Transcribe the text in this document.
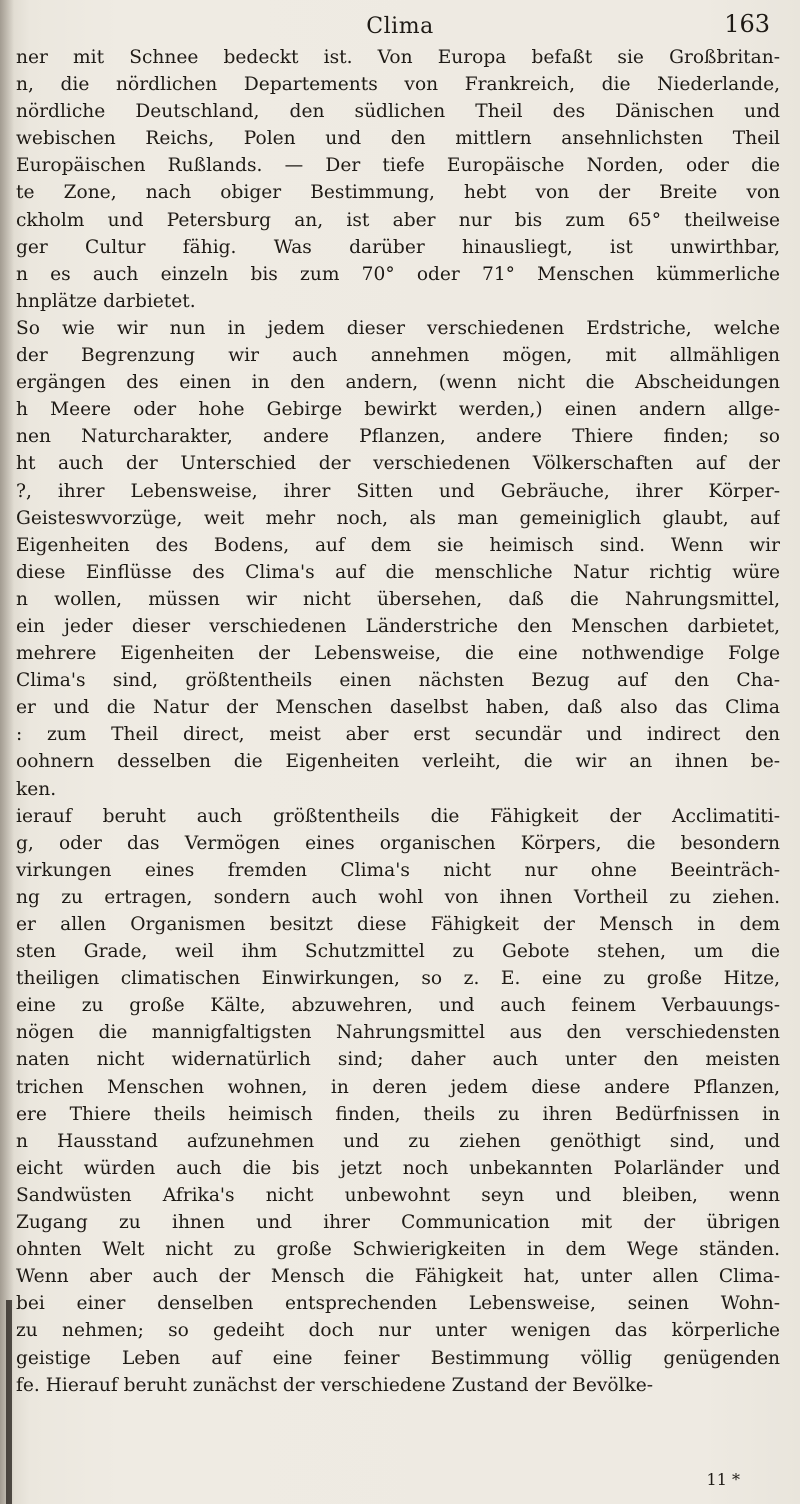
Clima	163
ner mit Schnee bedeckt ist. Von Europa befaßt sie Großbritan-
n, die nördlichen Departements von Frankreich, die Niederlande,
nördliche Deutschland, den südlichen Theil des Dänischen und
webischen Reichs, Polen und den mittlern ansehnlichsten Theil
Europäischen Rußlands. — Der tiefe Europäische Norden, oder die
te Zone, nach obiger Bestimmung, hebt von der Breite von
ckholm und Petersburg an, ist aber nur bis zum 65° theilweise
ger Cultur fähig. Was darüber hinausliegt, ist unwirthbar,
n es auch einzeln bis zum 70° oder 71° Menschen kümmerliche
hnplätze darbietet.
So wie wir nun in jedem dieser verschiedenen Erdstriche, welche
der Begrenzung wir auch annehmen mögen, mit allmähligen
ergängen des einen in den andern, (wenn nicht die Abscheidungen
h Meere oder hohe Gebirge bewirkt werden,) einen andern allge-
nen Naturcharakter, andere Pflanzen, andere Thiere finden; so
ht auch der Unterschied der verschiedenen Völkerschaften auf der
?, ihrer Lebensweise, ihrer Sitten und Gebräuche, ihrer Körper-
Geisteswvorzüge, weit mehr noch, als man gemeiniglich glaubt, auf
Eigenheiten des Bodens, auf dem sie heimisch sind. Wenn wir
diese Einflüsse des Clima's auf die menschliche Natur richtig würe
n wollen, müssen wir nicht übersehen, daß die Nahrungsmittel,
ein jeder dieser verschiedenen Länderstriche den Menschen darbietet,
mehrere Eigenheiten der Lebensweise, die eine nothwendige Folge
Clima's sind, größtentheils einen nächsten Bezug auf den Cha-
er und die Natur der Menschen daselbst haben, daß also das Clima
: zum Theil direct, meist aber erst secundär und indirect den
oohnern desselben die Eigenheiten verleiht, die wir an ihnen be-
ken.
ierauf beruht auch größtentheils die Fähigkeit der Acclimatiti-
g, oder das Vermögen eines organischen Körpers, die besondern
virkungen eines fremden Clima's nicht nur ohne Beeinträch-
ng zu ertragen, sondern auch wohl von ihnen Vortheil zu ziehen.
er allen Organismen besitzt diese Fähigkeit der Mensch in dem
sten Grade, weil ihm Schutzmittel zu Gebote stehen, um die
theiligen climatischen Einwirkungen, so z. E. eine zu große Hitze,
eine zu große Kälte, abzuwehren, und auch feinem Verbauungs-
nögen die mannigfaltigsten Nahrungsmittel aus den verschiedensten
naten nicht widernatürlich sind; daher auch unter den meisten
trichen Menschen wohnen, in deren jedem diese andere Pflanzen,
ere Thiere theils heimisch finden, theils zu ihren Bedürfnissen in
n Hausstand aufzunehmen und zu ziehen genöthigt sind, und
eicht würden auch die bis jetzt noch unbekannten Polarländer und
Sandwüsten Afrika's nicht unbewohnt seyn und bleiben, wenn
Zugang zu ihnen und ihrer Communication mit der übrigen
ohnten Welt nicht zu große Schwierigkeiten in dem Wege ständen.
Wenn aber auch der Mensch die Fähigkeit hat, unter allen Clima-
bei einer denselben entsprechenden Lebensweise, seinen Wohn-
zu nehmen; so gedeiht doch nur unter wenigen das körperliche
geistige Leben auf eine feiner Bestimmung völlig genügenden
fe. Hierauf beruht zunächst der verschiedene Zustand der Bevölke-
11 *
